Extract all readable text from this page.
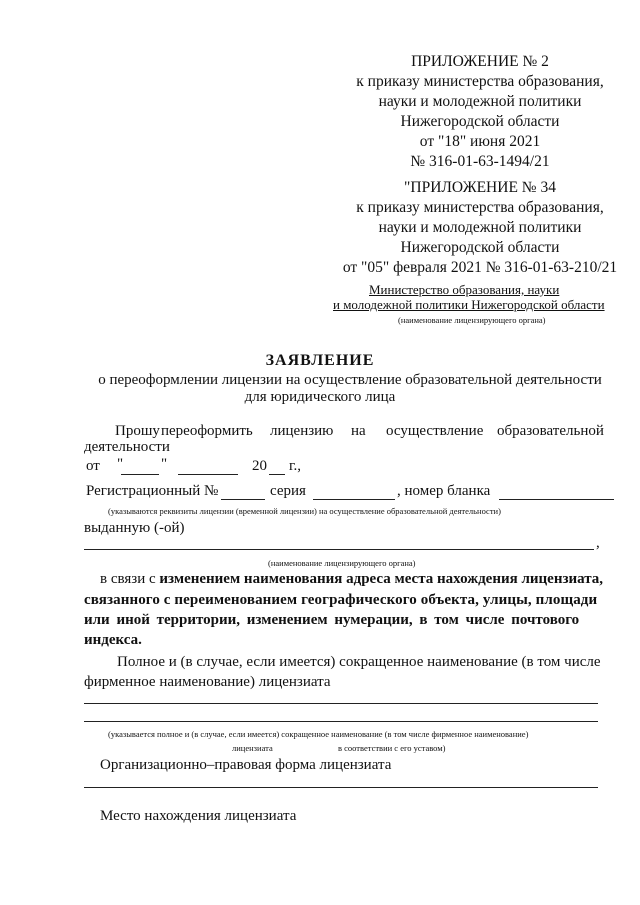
ПРИЛОЖЕНИЕ № 2
к приказу министерства образования,
науки и молодежной политики
Нижегородской области
от "18" июня 2021
№ 316-01-63-1494/21
"ПРИЛОЖЕНИЕ № 34
к приказу министерства образования,
науки и молодежной политики
Нижегородской области
от "05" февраля 2021 № 316-01-63-210/21
Министерство образования, науки
и молодежной политики Нижегородской области
(наименование лицензирующего органа)
ЗАЯВЛЕНИЕ
о переоформлении лицензии на осуществление образовательной деятельности
для юридического лица
Прошу переоформить лицензию на осуществление образовательной
деятельности
от "	"	20 г.,
Регистрационный №	серия	, номер бланка
(указываются реквизиты лицензии (временной лицензии) на осуществление образовательной деятельности)
выданную (-ой)
,
(наименование лицензирующего органа)
в связи с изменением наименования адреса места нахождения лицензиата,
связанного с переименованием географического объекта, улицы, площади
или иной территории, изменением нумерации, в том числе почтового
индекса.
Полное и (в случае, если имеется) сокращенное наименование (в том числе
фирменное наименование) лицензиата
(указывается полное и (в случае, если имеется) сокращенное наименование (в том числе фирменное наименование)
лицензиата	в соответствии с его уставом)
Организационно–правовая форма лицензиата
Место нахождения лицензиата
